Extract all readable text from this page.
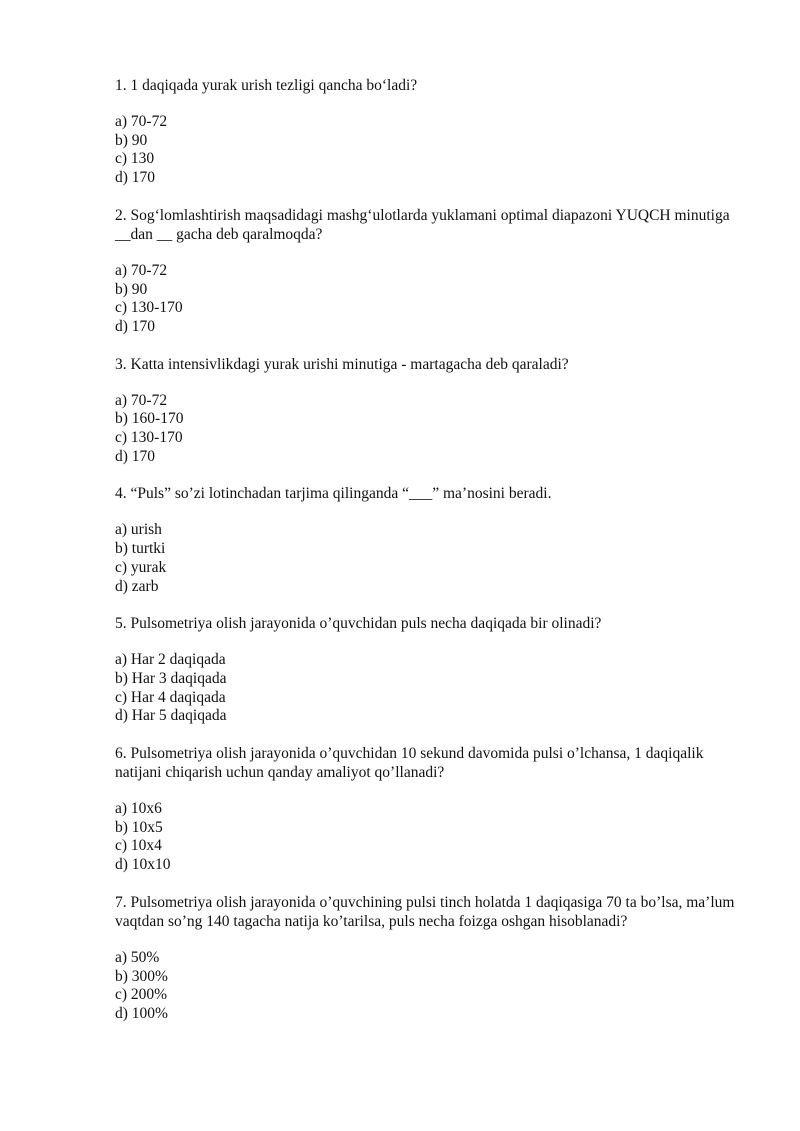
1. 1 daqiqada yurak urish tezligi qancha bo‘ladi?

a) 70-72
b) 90
c) 130
d) 170

2. Sog‘lomlashtirish maqsadidagi mashg‘ulotlarda yuklamani optimal diapazoni YUQCH minutiga __dan __ gacha deb qaralmoqda?

a) 70-72
b) 90
c) 130-170
d) 170

3. Katta intensivlikdagi yurak urishi minutiga - martagacha deb qaraladi?

a) 70-72
b) 160-170
c) 130-170
d) 170

4. “Puls” so’zi lotinchadan tarjima qilinganda “___” ma’nosini beradi.

a) urish
b) turtki
c) yurak
d) zarb

5. Pulsometriya olish jarayonida o’quvchidan puls necha daqiqada bir olinadi?

a) Har 2 daqiqada
b) Har 3 daqiqada
c) Har 4 daqiqada
d) Har 5 daqiqada

6. Pulsometriya olish jarayonida o’quvchidan 10 sekund davomida pulsi o’lchansa, 1 daqiqalik natijani chiqarish uchun qanday amaliyot qo’llanadi?

a) 10x6
b) 10x5
c) 10x4
d) 10x10

7. Pulsometriya olish jarayonida o’quvchining pulsi tinch holatda 1 daqiqasiga 70 ta bo’lsa, ma’lum vaqtdan so’ng 140 tagacha natija ko’tarilsa, puls necha foizga oshgan hisoblanadi?

a) 50%
b) 300%
c) 200%
d) 100%
